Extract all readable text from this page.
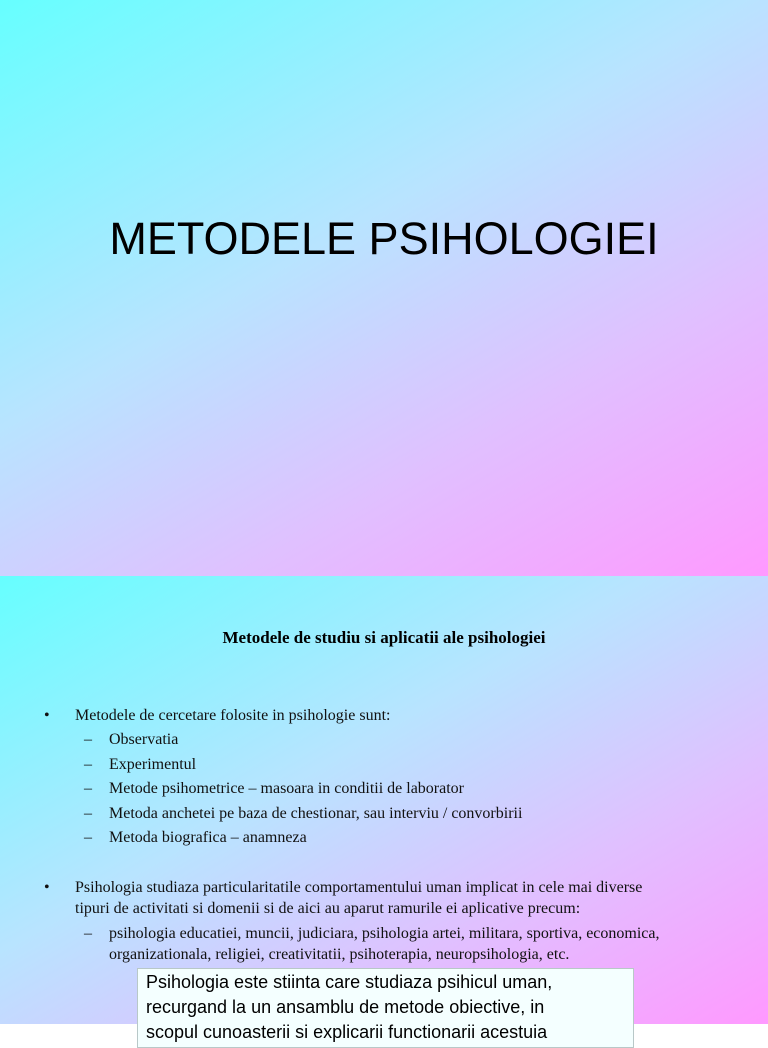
METODELE PSIHOLOGIEI
Metodele de studiu si aplicatii ale psihologiei
• Metodele de cercetare folosite in psihologie sunt:
– Observatia
– Experimentul
– Metode psihometrice – masoara in conditii de laborator
– Metoda anchetei pe baza de chestionar, sau interviu / convorbirii
– Metoda biografica – anamneza
• Psihologia studiaza particularitatile comportamentului uman implicat in cele mai diverse
tipuri de activitati si domenii si de aici au aparut ramurile ei aplicative precum:
– psihologia educatiei, muncii, judiciara, psihologia artei, militara, sportiva, economica,
organizationala, religiei, creativitatii, psihoterapia, neuropsihologia, etc.

Psihologia este stiinta care studiaza psihicul uman,

recurgand la un ansamblu de metode obiective, in

scopul cunoasterii si explicarii functionarii acestuia
